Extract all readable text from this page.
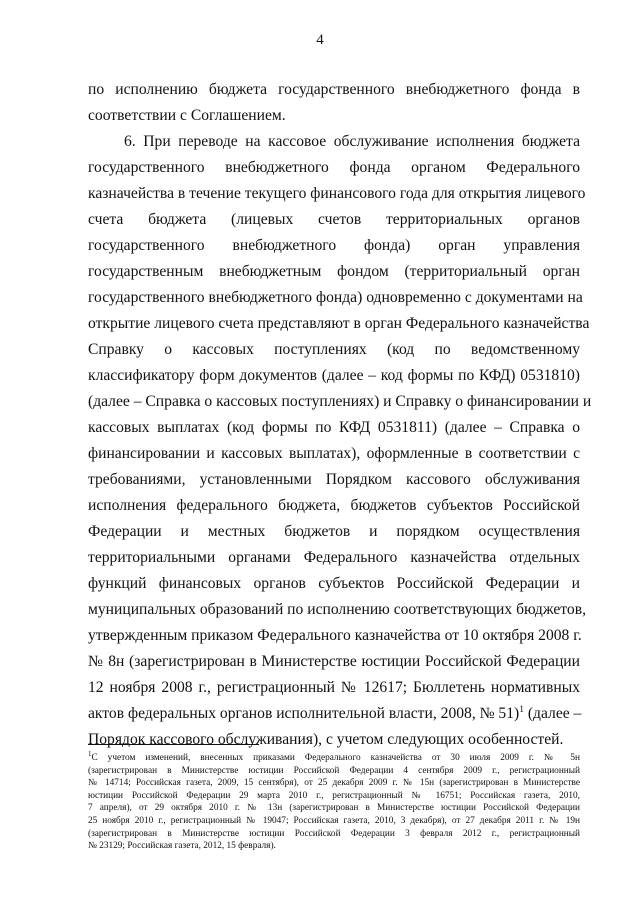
4
по исполнению бюджета государственного внебюджетного фонда в
соответствии с Соглашением.
6. При переводе на кассовое обслуживание исполнения бюджета
государственного внебюджетного фонда органом Федерального
казначейства в течение текущего финансового года для открытия лицевого
счета бюджета (лицевых счетов территориальных органов
государственного внебюджетного фонда) орган управления
государственным внебюджетным фондом (территориальный орган
государственного внебюджетного фонда) одновременно с документами на
открытие лицевого счета представляют в орган Федерального казначейства
Справку о кассовых поступлениях (код по ведомственному
классификатору форм документов (далее – код формы по КФД) 0531810)
(далее – Справка о кассовых поступлениях) и Справку о финансировании и
кассовых выплатах (код формы по КФД 0531811) (далее – Справка о
финансировании и кассовых выплатах), оформленные в соответствии с
требованиями, установленными Порядком кассового обслуживания
исполнения федерального бюджета, бюджетов субъектов Российской
Федерации и местных бюджетов и порядком осуществления
территориальными органами Федерального казначейства отдельных
функций финансовых органов субъектов Российской Федерации и
муниципальных образований по исполнению соответствующих бюджетов,
утвержденным приказом Федерального казначейства от 10 октября 2008 г.
№ 8н (зарегистрирован в Министерстве юстиции Российской Федерации
12 ноября 2008 г., регистрационный № 12617; Бюллетень нормативных
актов федеральных органов исполнительной власти, 2008, № 51)$^1$ (далее –
Порядок кассового обслуживания), с учетом следующих особенностей.
$^1$С учетом изменений, внесенных приказами Федерального казначейства от 30 июля 2009 г. № 5н
(зарегистрирован в Министерстве юстиции Российской Федерации 4 сентября 2009 г., регистрационный
№ 14714; Российская газета, 2009, 15 сентября), от 25 декабря 2009 г. № 15н (зарегистрирован в Министерстве
юстиции Российской Федерации 29 марта 2010 г., регистрационный № 16751; Российская газета, 2010,
7 апреля), от 29 октября 2010 г. № 13н (зарегистрирован в Министерстве юстиции Российской Федерации
25 ноября 2010 г., регистрационный № 19047; Российская газета, 2010, 3 декабря), от 27 декабря 2011 г. № 19н
(зарегистрирован в Министерстве юстиции Российской Федерации 3 февраля 2012 г., регистрационный
№ 23129; Российская газета, 2012, 15 февраля).
